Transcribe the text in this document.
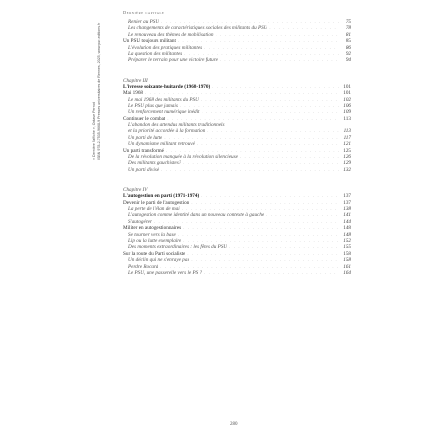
« Dernière l'affiche », Octave Pernot ISBN 978-2-7535-9668-9 Presses universitaires de Rennes, 2025, www.pur-editions.fr
Dernière capitale
Renier au PSU . . .	75
Les changements de caractéristiques sociales des militants du PSU . . .	78
Le renouveau des thèmes de mobilisation . . .	81
Un PSU toujours militant . . .	85
L'évolution des pratiques militantes . . .	86
La question des militantes . . .	92
Préparer le terrain pour une victoire future . . .	94
Chapitre III
L'ivresse soixante-huitarde (1968-1970) . . .	101
Mai 1968 . . .	101
Le mai 1968 des militants du PSU . . .	102
Le PSU plus que jamais . . .	106
Un renforcement numérique inédit . . .	109
Continuer le combat . . .	113
L'abandon des attendus militants traditionnels
et la priorité accordée à la formation . . .	113
Un parti de lutte . . .	117
Un dynamisme militant retrouvé . . .	121
Un parti transformé . . .	125
De la révolution manquée à la révolution silencieuse . . .	126
Des militants gauchistes? . . .	129
Un parti divisé . . .	132
Chapitre IV
L'autogestion en parti (1971-1974) . . .	137
Devenir le parti de l'autogestion . . .	137
La perte de l'élan de mai . . .	138
L'autogestion comme identité dans un nouveau contexte à gauche . . .	141
S'autogérer . . .	144
Militer en autogestionnaires . . .	148
Se tourner vers la base . . .	148
Lip ou la lutte exemplaire . . .	152
Des moments extraordinaires : les fêtes du PSU . . .	155
Sur la route du Parti socialiste . . .	158
Un déclin qui ne s'enraye pas . . .	158
Perdre Rocard . . .	161
Le PSU, une passerelle vers le PS ? . . .	164
280
